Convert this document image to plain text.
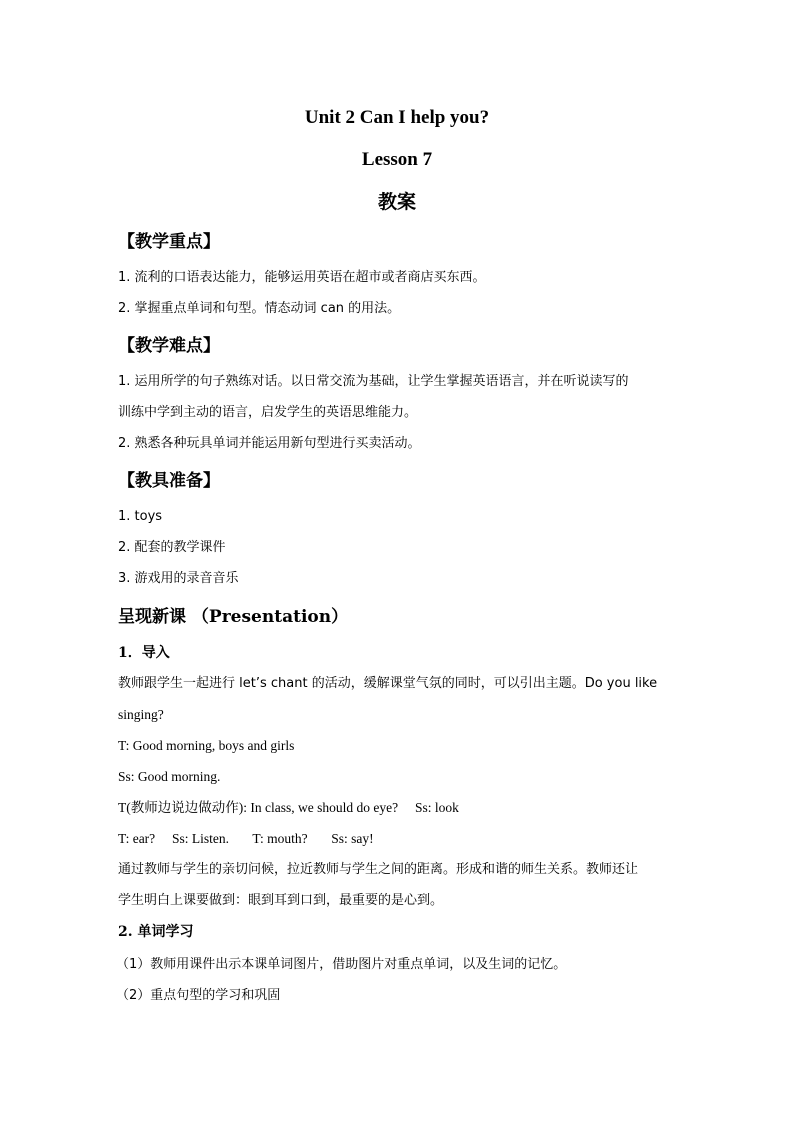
Unit 2 Can I help you?
Lesson 7
教案
【教学重点】

1. 流利的口语表达能力，能够运用英语在超市或者商店买东西。

2. 掌握重点单词和句型。情态动词 can 的用法。

【教学难点】

1. 运用所学的句子熟练对话。以日常交流为基础，让学生掌握英语语言，并在听说读写的

训练中学到主动的语言，启发学生的英语思维能力。

2. 熟悉各种玩具单词并能运用新句型进行买卖活动。

【教具准备】

1. toys

2. 配套的教学课件

3. 游戏用的录音音乐

呈现新课 （Presentation）
1．导入

教师跟学生一起进行 let’s chant 的活动，缓解课堂气氛的同时，可以引出主题。Do you like

singing?

T: Good morning, boys and girls

Ss: Good morning.

T(教师边说边做动作): In class, we should do eye?     Ss: look

T: ear?     Ss: Listen.       T: mouth?       Ss: say!

通过教师与学生的亲切问候，拉近教师与学生之间的距离。形成和谐的师生关系。教师还让

学生明白上课要做到：眼到耳到口到，最重要的是心到。

2. 单词学习

（1）教师用课件出示本课单词图片，借助图片对重点单词，以及生词的记忆。

（2）重点句型的学习和巩固
